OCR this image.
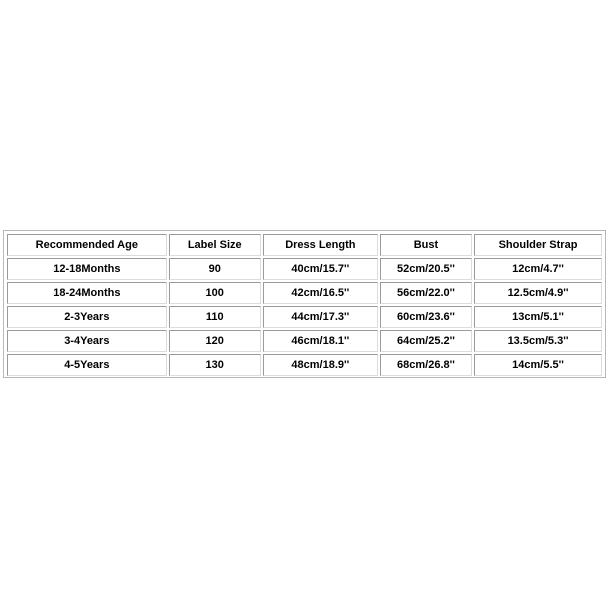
Recommended Age	Label Size	Dress Length	Bust	Shoulder Strap
12-18Months	90	40cm/15.7''	52cm/20.5''	12cm/4.7''
18-24Months	100	42cm/16.5''	56cm/22.0''	12.5cm/4.9''
2-3Years	110	44cm/17.3''	60cm/23.6''	13cm/5.1''
3-4Years	120	46cm/18.1''	64cm/25.2''	13.5cm/5.3''
4-5Years	130	48cm/18.9''	68cm/26.8''	14cm/5.5''
